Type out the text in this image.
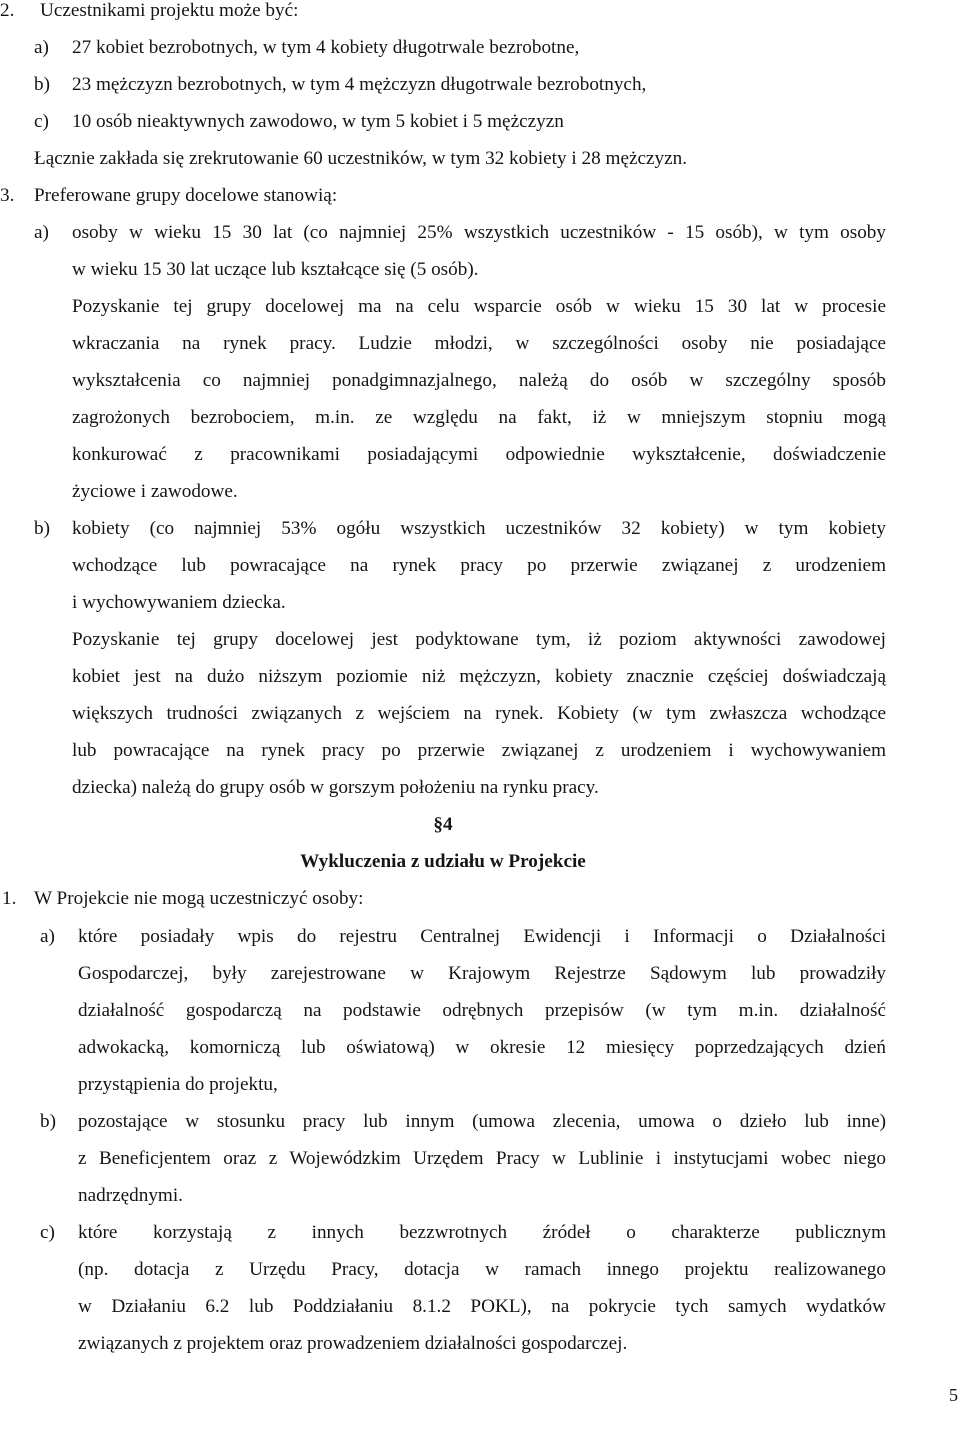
2. Uczestnikami projektu może być:
a) 27 kobiet bezrobotnych, w tym 4 kobiety długotrwale bezrobotne,
b) 23 mężczyzn bezrobotnych, w tym 4 mężczyzn długotrwale bezrobotnych,
c) 10 osób nieaktywnych zawodowo, w tym 5 kobiet i 5 mężczyzn
Łącznie zakłada się zrekrutowanie 60 uczestników, w tym 32 kobiety i 28 mężczyzn.
3. Preferowane grupy docelowe stanowią:
a) osoby w wieku 15 30 lat (co najmniej 25% wszystkich uczestników - 15 osób), w tym osoby
w wieku 15 30 lat uczące lub kształcące się (5 osób).
Pozyskanie tej grupy docelowej ma na celu wsparcie osób w wieku 15 30 lat w procesie
wkraczania na rynek pracy. Ludzie młodzi, w szczególności osoby nie posiadające
wykształcenia co najmniej ponadgimnazjalnego, należą do osób w szczególny sposób
zagrożonych bezrobociem, m.in. ze względu na fakt, iż w mniejszym stopniu mogą
konkurować z pracownikami posiadającymi odpowiednie wykształcenie, doświadczenie
życiowe i zawodowe.
b) kobiety (co najmniej 53% ogółu wszystkich uczestników 32 kobiety) w tym kobiety
wchodzące lub powracające na rynek pracy po przerwie związanej z urodzeniem
i wychowywaniem dziecka.
Pozyskanie tej grupy docelowej jest podyktowane tym, iż poziom aktywności zawodowej
kobiet jest na dużo niższym poziomie niż mężczyzn, kobiety znacznie częściej doświadczają
większych trudności związanych z wejściem na rynek. Kobiety (w tym zwłaszcza wchodzące
lub powracające na rynek pracy po przerwie związanej z urodzeniem i wychowywaniem
dziecka) należą do grupy osób w gorszym położeniu na rynku pracy.
§4
Wykluczenia z udziału w Projekcie
1. W Projekcie nie mogą uczestniczyć osoby:
a) które posiadały wpis do rejestru Centralnej Ewidencji i Informacji o Działalności
Gospodarczej, były zarejestrowane w Krajowym Rejestrze Sądowym lub prowadziły
działalność gospodarczą na podstawie odrębnych przepisów (w tym m.in. działalność
adwokacką, komorniczą lub oświatową) w okresie 12 miesięcy poprzedzających dzień
przystąpienia do projektu,
b) pozostające w stosunku pracy lub innym (umowa zlecenia, umowa o dzieło lub inne)
z Beneficjentem oraz z Wojewódzkim Urzędem Pracy w Lublinie i instytucjami wobec niego
nadrzędnymi.
c) które korzystają z innych bezzwrotnych źródeł o charakterze publicznym
(np. dotacja z Urzędu Pracy, dotacja w ramach innego projektu realizowanego
w Działaniu 6.2 lub Poddziałaniu 8.1.2 POKL), na pokrycie tych samych wydatków
związanych z projektem oraz prowadzeniem działalności gospodarczej.
5
